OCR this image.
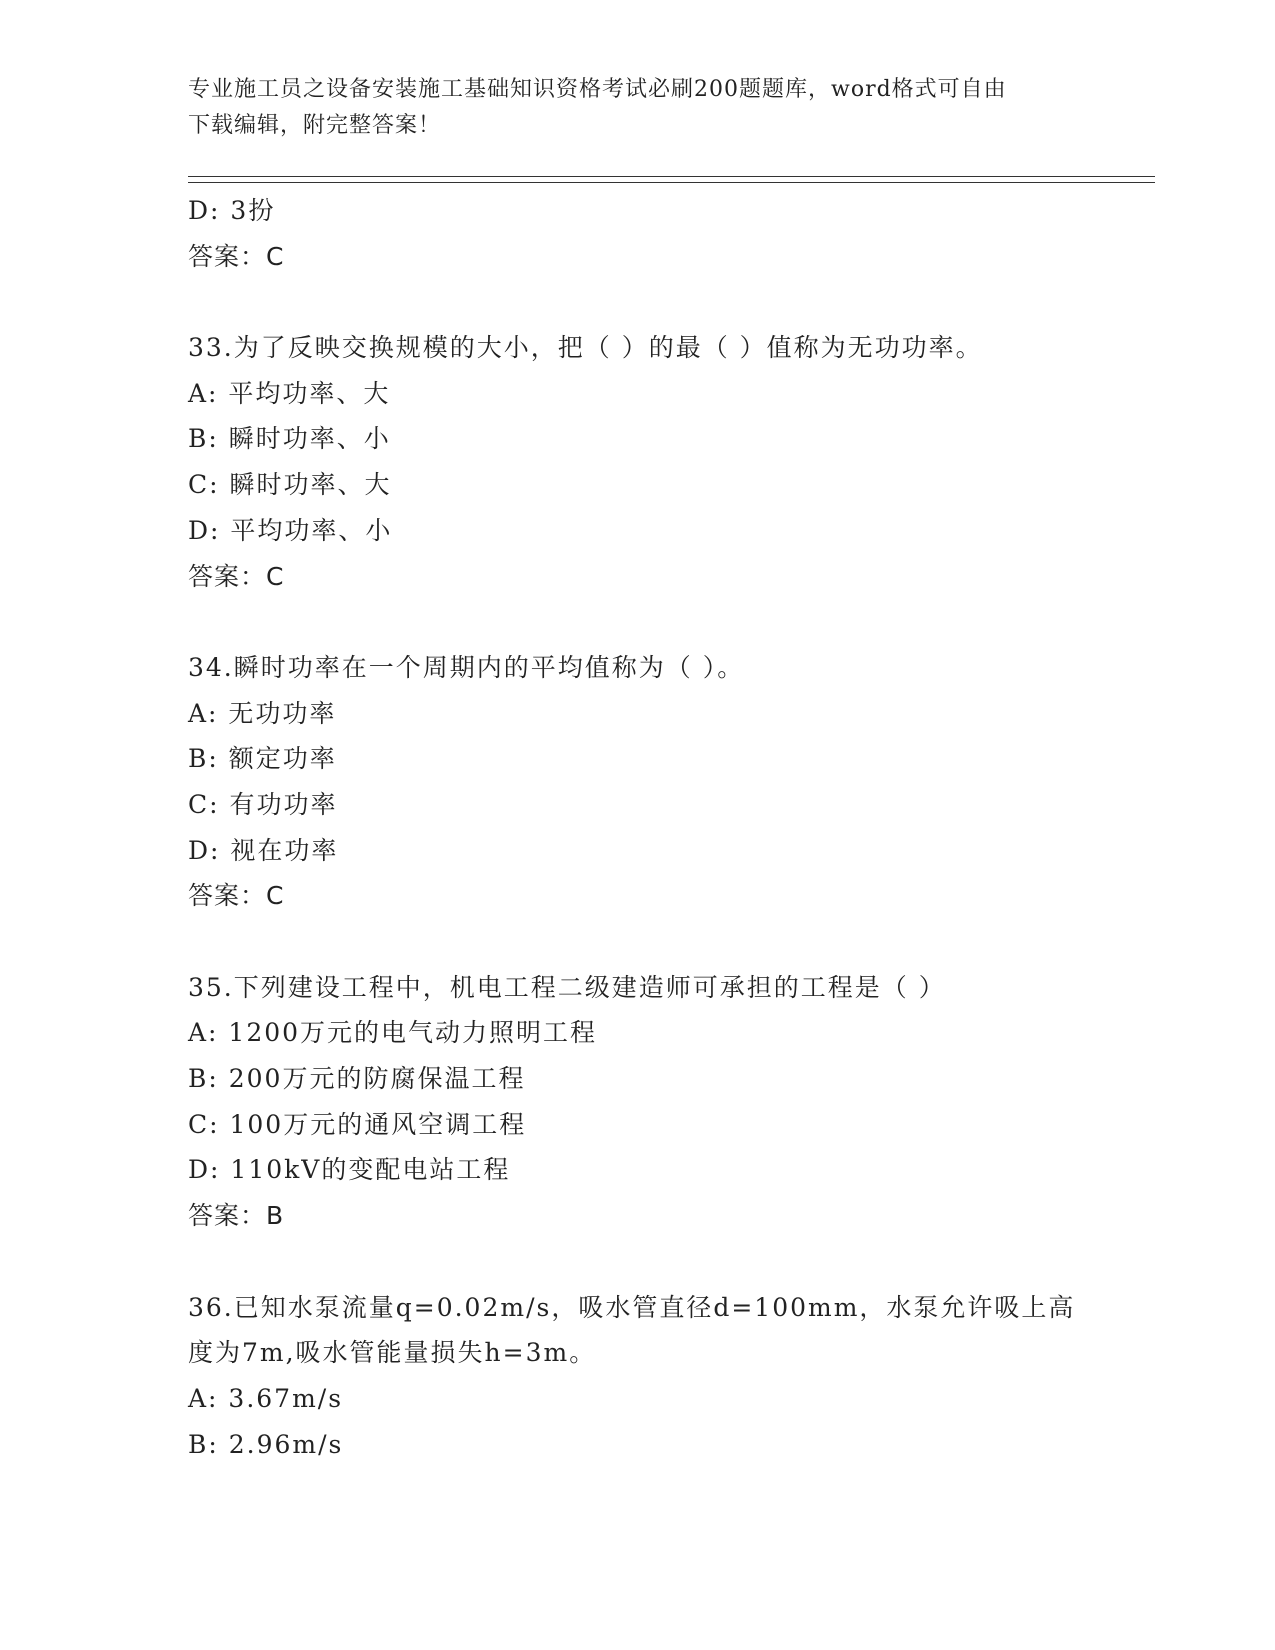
专业施工员之设备安装施工基础知识资格考试必刷200题题库，word格式可自由
下载编辑，附完整答案！
D: 3扮
答案：C
33.为了反映交换规模的大小，把（ ）的最（ ）值称为无功功率。
A: 平均功率、大
B: 瞬时功率、小
C: 瞬时功率、大
D: 平均功率、小
答案：C
34.瞬时功率在一个周期内的平均值称为（ ）。
A: 无功功率
B: 额定功率
C: 有功功率
D: 视在功率
答案：C
35.下列建设工程中，机电工程二级建造师可承担的工程是（ ）
A: 1200万元的电气动力照明工程
B: 200万元的防腐保温工程
C: 100万元的通风空调工程
D: 110kV的变配电站工程
答案：B
36.已知水泵流量q=0.02m/s，吸水管直径d=100mm，水泵允许吸上高
度为7m,吸水管能量损失h=3m。
A: 3.67m/s
B: 2.96m/s
